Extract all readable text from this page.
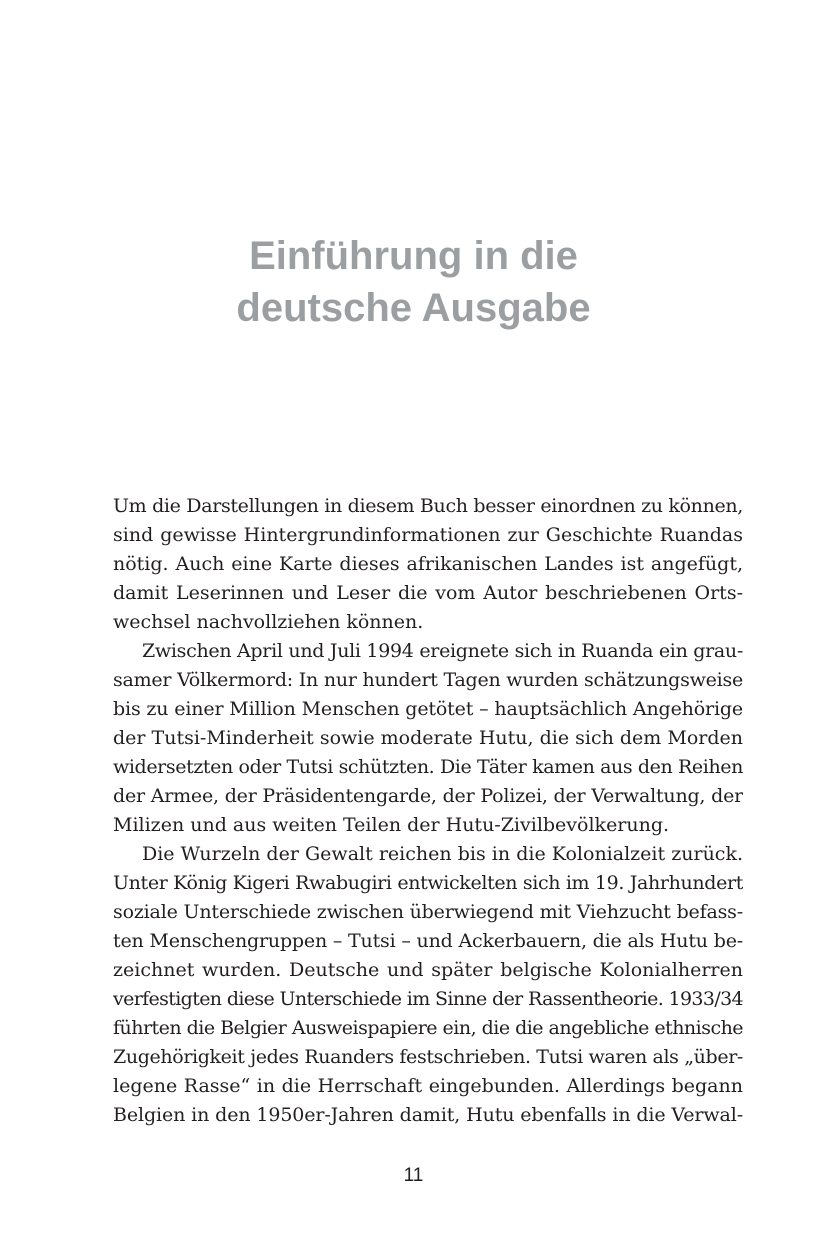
Einführung in die
deutsche Ausgabe
Um die Darstellungen in diesem Buch besser einordnen zu können,
sind gewisse Hintergrundinformationen zur Geschichte Ruandas
nötig. Auch eine Karte dieses afrikanischen Landes ist angefügt,
damit Leserinnen und Leser die vom Autor beschriebenen Orts-
wechsel nachvollziehen können.
Zwischen April und Juli 1994 ereignete sich in Ruanda ein grau-
samer Völkermord: In nur hundert Tagen wurden schätzungsweise
bis zu einer Million Menschen getötet – hauptsächlich Angehörige
der Tutsi-Minderheit sowie moderate Hutu, die sich dem Morden
widersetzten oder Tutsi schützten. Die Täter kamen aus den Reihen
der Armee, der Präsidentengarde, der Polizei, der Verwaltung, der
Milizen und aus weiten Teilen der Hutu-Zivilbevölkerung.
Die Wurzeln der Gewalt reichen bis in die Kolonialzeit zurück.
Unter König Kigeri Rwabugiri entwickelten sich im 19. Jahrhundert
soziale Unterschiede zwischen überwiegend mit Viehzucht befass-
ten Menschengruppen – Tutsi – und Ackerbauern, die als Hutu be-
zeichnet wurden. Deutsche und später belgische Kolonialherren
verfestigten diese Unterschiede im Sinne der Rassentheorie. 1933/34
führten die Belgier Ausweispapiere ein, die die angebliche ethnische
Zugehörigkeit jedes Ruanders festschrieben. Tutsi waren als „über-
legene Rasse“ in die Herrschaft eingebunden. Allerdings begann
Belgien in den 1950er-Jahren damit, Hutu ebenfalls in die Verwal-
11
